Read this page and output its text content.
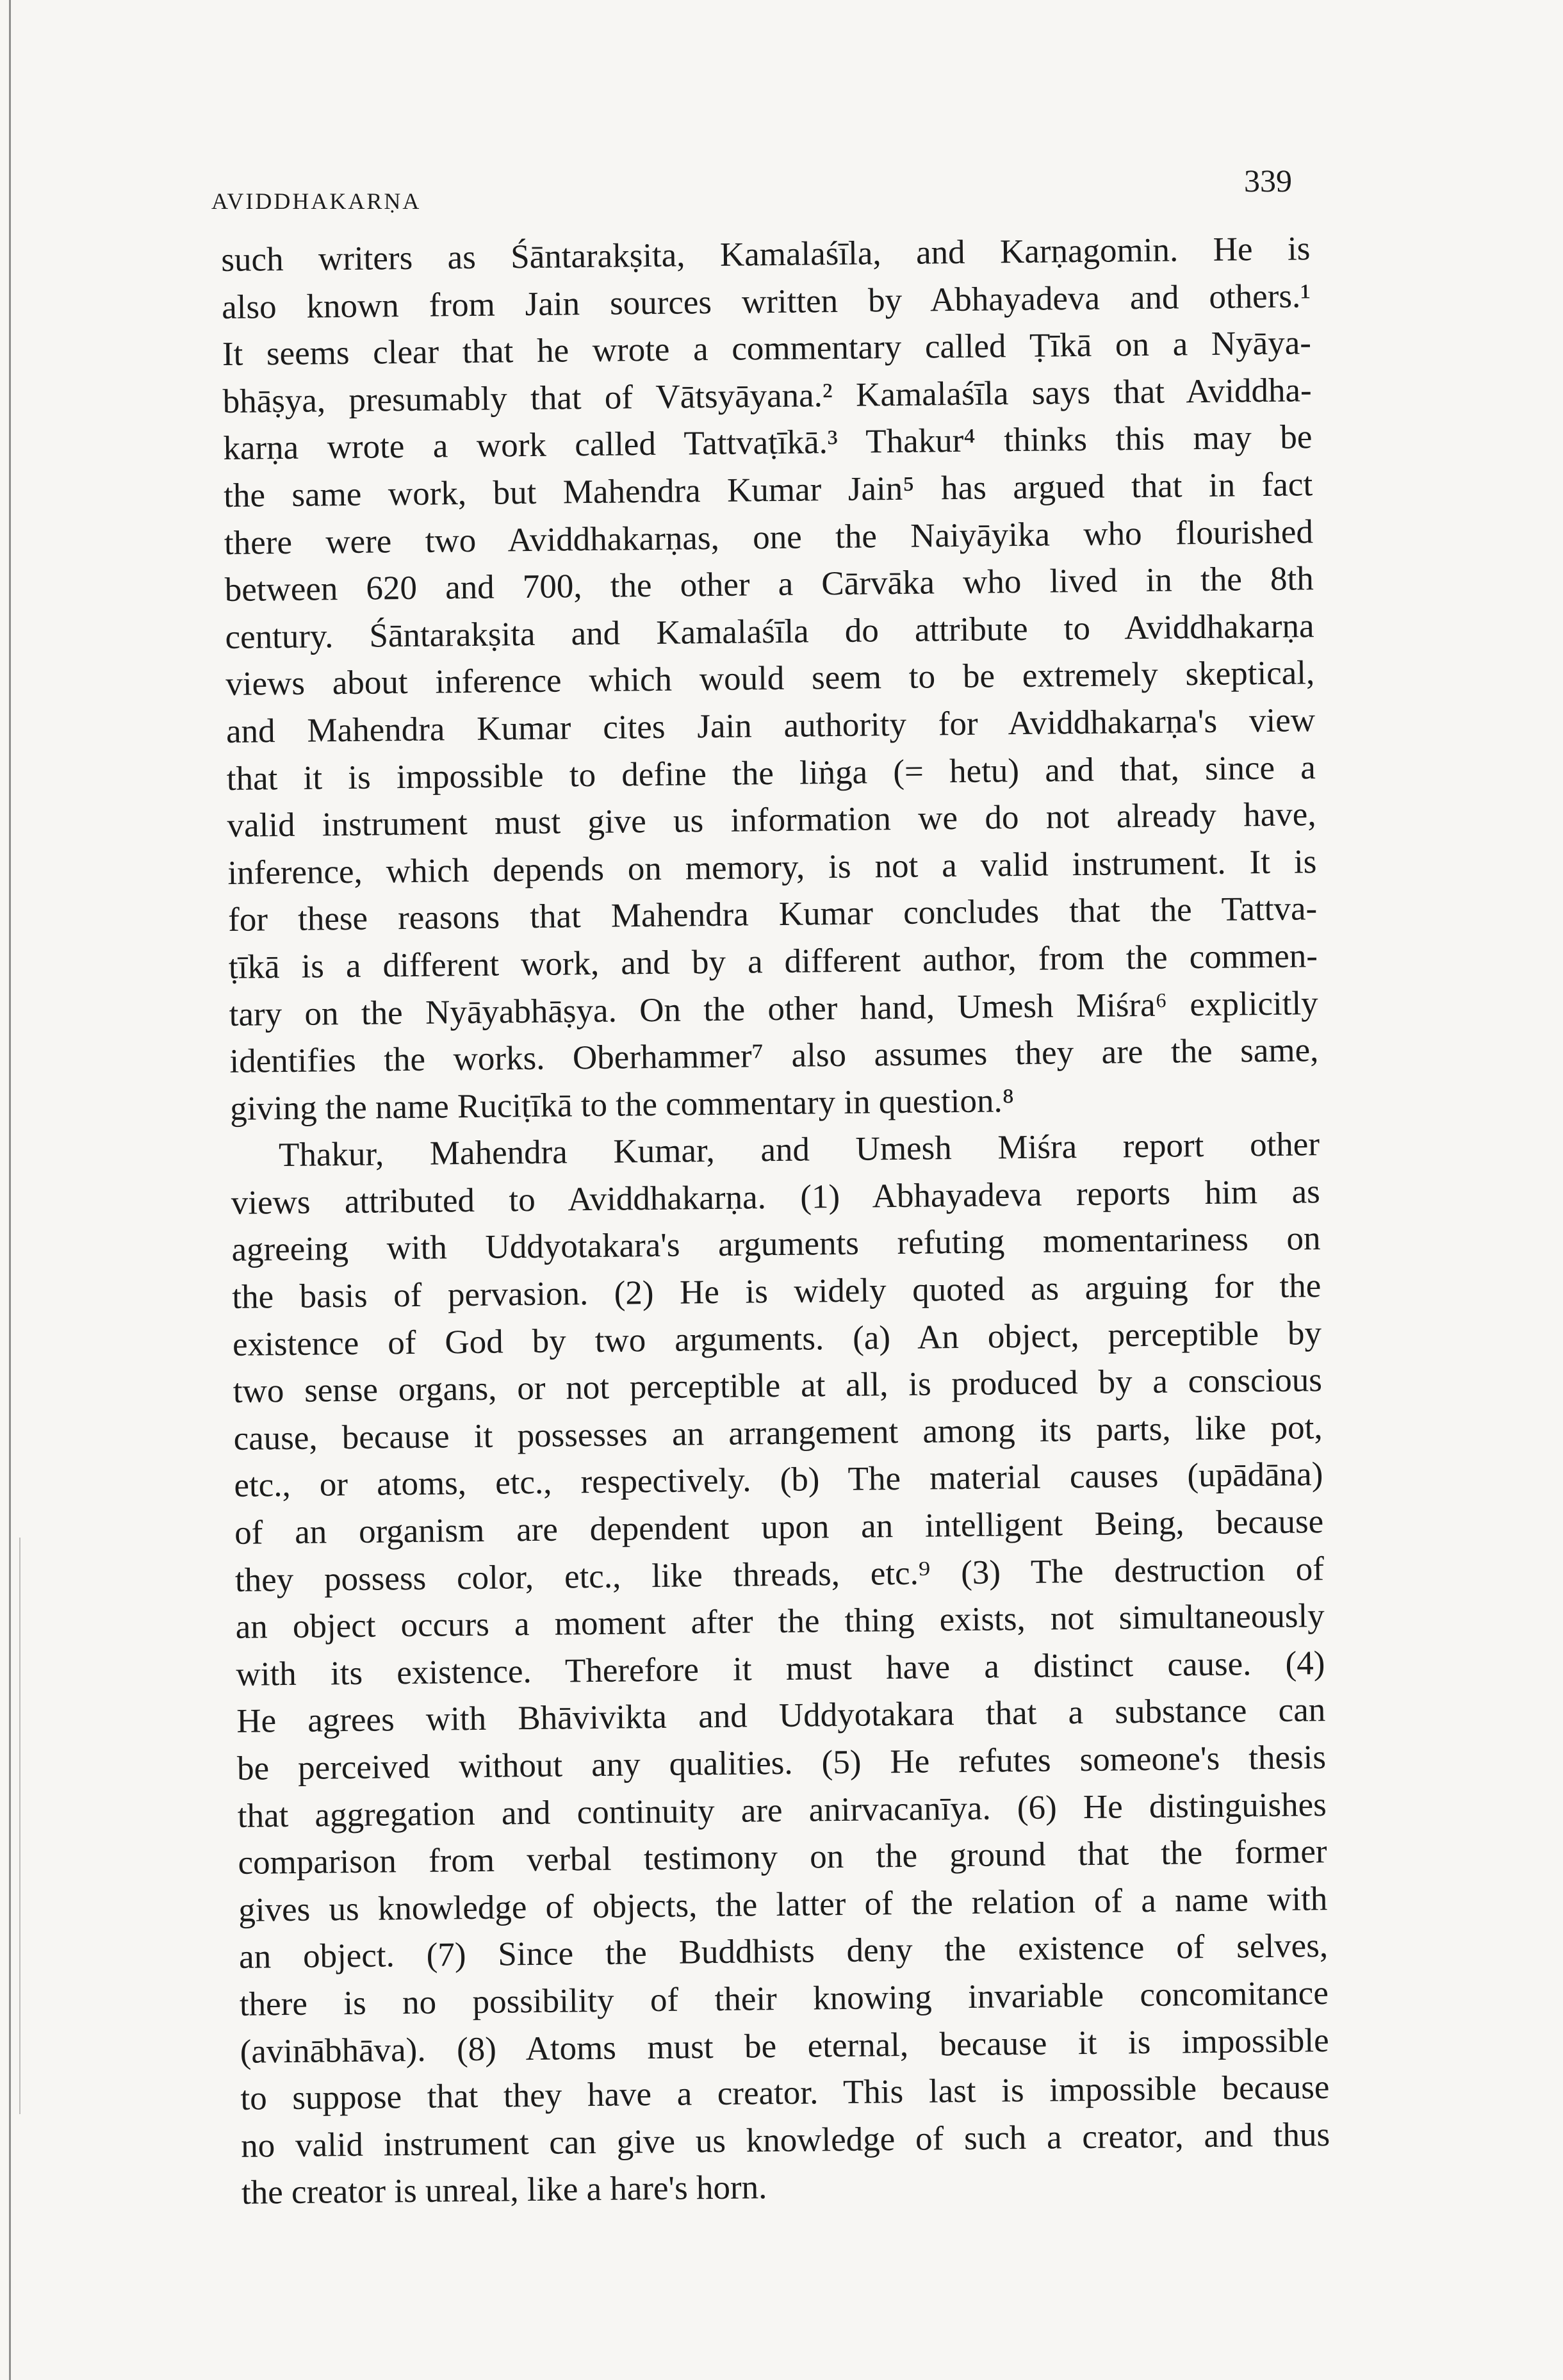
AVIDDHAKARṆA
339
such writers as Śāntarakṣita, Kamalaśīla, and Karṇagomin. He is
also known from Jain sources written by Abhayadeva and others.¹
It seems clear that he wrote a commentary called Ṭīkā on a Nyāya-
bhāṣya, presumably that of Vātsyāyana.² Kamalaśīla says that Aviddha-
karṇa wrote a work called Tattvaṭīkā.³ Thakur⁴ thinks this may be
the same work, but Mahendra Kumar Jain⁵ has argued that in fact
there were two Aviddhakarṇas, one the Naiyāyika who flourished
between 620 and 700, the other a Cārvāka who lived in the 8th
century. Śāntarakṣita and Kamalaśīla do attribute to Aviddhakarṇa
views about inference which would seem to be extremely skeptical,
and Mahendra Kumar cites Jain authority for Aviddhakarṇa's view
that it is impossible to define the liṅga (= hetu) and that, since a
valid instrument must give us information we do not already have,
inference, which depends on memory, is not a valid instrument. It is
for these reasons that Mahendra Kumar concludes that the Tattva-
ṭīkā is a different work, and by a different author, from the commen-
tary on the Nyāyabhāṣya. On the other hand, Umesh Miśra⁶ explicitly
identifies the works. Oberhammer⁷ also assumes they are the same,
giving the name Ruciṭīkā to the commentary in question.⁸
Thakur, Mahendra Kumar, and Umesh Miśra report other
views attributed to Aviddhakarṇa. (1) Abhayadeva reports him as
agreeing with Uddyotakara's arguments refuting momentariness on
the basis of pervasion. (2) He is widely quoted as arguing for the
existence of God by two arguments. (a) An object, perceptible by
two sense organs, or not perceptible at all, is produced by a conscious
cause, because it possesses an arrangement among its parts, like pot,
etc., or atoms, etc., respectively. (b) The material causes (upādāna)
of an organism are dependent upon an intelligent Being, because
they possess color, etc., like threads, etc.⁹ (3) The destruction of
an object occurs a moment after the thing exists, not simultaneously
with its existence. Therefore it must have a distinct cause. (4)
He agrees with Bhāviviktа and Uddyotakara that a substance can
be perceived without any qualities. (5) He refutes someone's thesis
that aggregation and continuity are anirvacanīya. (6) He distinguishes
comparison from verbal testimony on the ground that the former
gives us knowledge of objects, the latter of the relation of a name with
an object. (7) Since the Buddhists deny the existence of selves,
there is no possibility of their knowing invariable concomitance
(avinābhāva). (8) Atoms must be eternal, because it is impossible
to suppose that they have a creator. This last is impossible because
no valid instrument can give us knowledge of such a creator, and thus
the creator is unreal, like a hare's horn.
